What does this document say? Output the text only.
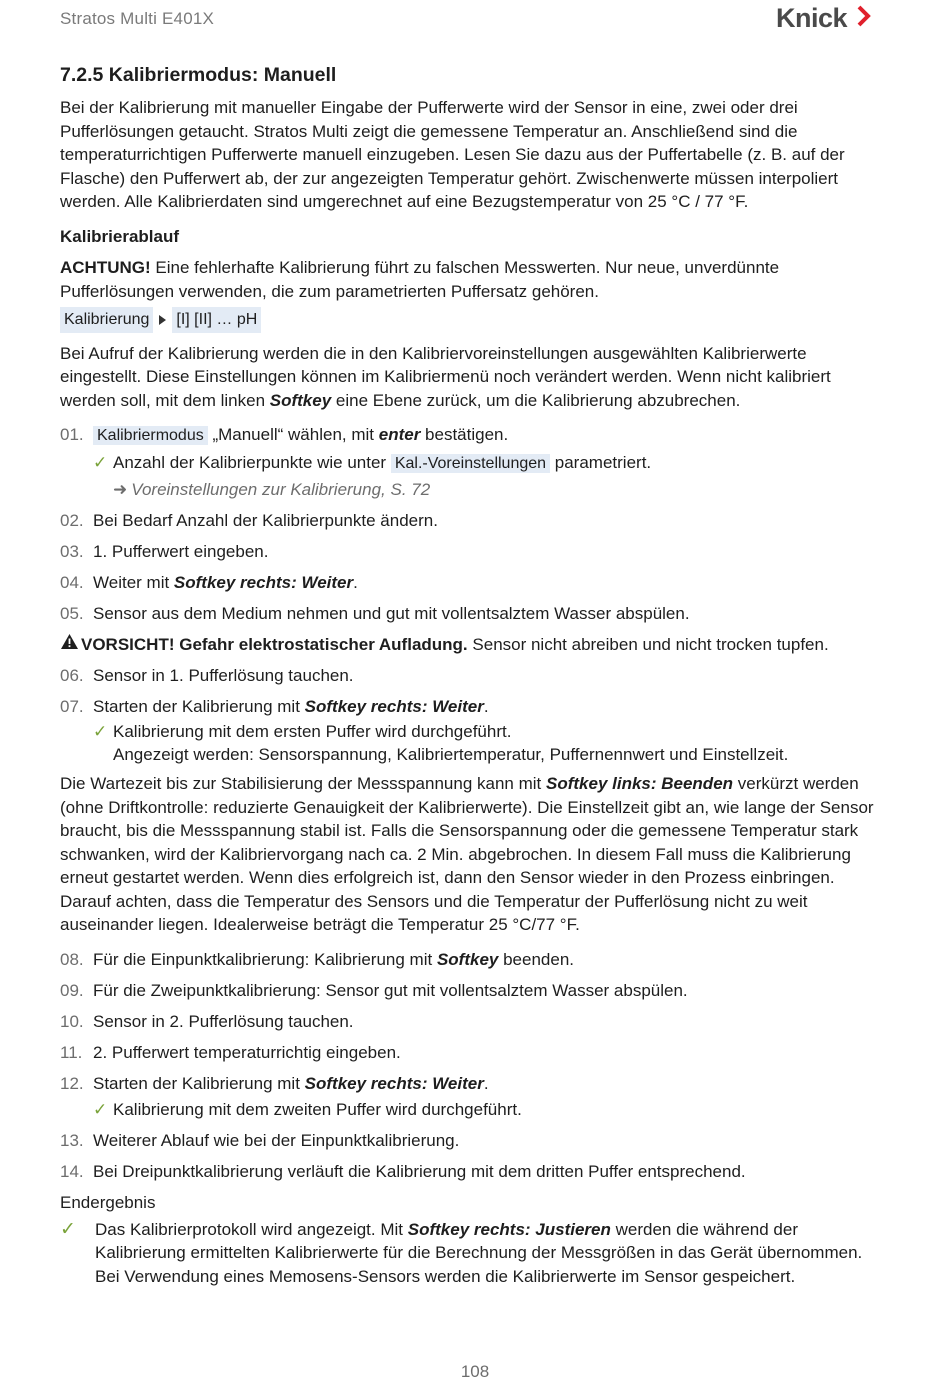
Stratos Multi E401X	Knick
7.2.5 Kalibriermodus: Manuell
Bei der Kalibrierung mit manueller Eingabe der Pufferwerte wird der Sensor in eine, zwei oder drei Pufferlösungen getaucht. Stratos Multi zeigt die gemessene Temperatur an. Anschließend sind die temperaturrichtigen Pufferwerte manuell einzugeben. Lesen Sie dazu aus der Puffertabelle (z. B. auf der Flasche) den Pufferwert ab, der zur angezeigten Temperatur gehört. Zwischenwerte müssen interpoliert werden. Alle Kalibrierdaten sind umgerechnet auf eine Bezugstemperatur von 25 °C / 77 °F.
Kalibrierablauf
ACHTUNG! Eine fehlerhafte Kalibrierung führt zu falschen Messwerten. Nur neue, unverdünnte Pufferlösungen verwenden, die zum parametrierten Puffersatz gehören.
Kalibrierung [I] [II] … pH
Bei Aufruf der Kalibrierung werden die in den Kalibriervoreinstellungen ausgewählten Kalibrierwerte eingestellt. Diese Einstellungen können im Kalibriermenü noch verändert werden. Wenn nicht kalibriert werden soll, mit dem linken Softkey eine Ebene zurück, um die Kalibrierung abzubrechen.
01. Kalibriermodus „Manuell“ wählen, mit enter bestätigen.
✓ Anzahl der Kalibrierpunkte wie unter Kal.-Voreinstellungen parametriert.
➜ Voreinstellungen zur Kalibrierung, S. 72
02. Bei Bedarf Anzahl der Kalibrierpunkte ändern.
03. 1. Pufferwert eingeben.
04. Weiter mit Softkey rechts: Weiter.
05. Sensor aus dem Medium nehmen und gut mit vollentsalztem Wasser abspülen.
VORSICHT! Gefahr elektrostatischer Aufladung. Sensor nicht abreiben und nicht trocken tupfen.
06. Sensor in 1. Pufferlösung tauchen.
07. Starten der Kalibrierung mit Softkey rechts: Weiter.
✓ Kalibrierung mit dem ersten Puffer wird durchgeführt.
Angezeigt werden: Sensorspannung, Kalibriertemperatur, Puffernennwert und Einstellzeit.
Die Wartezeit bis zur Stabilisierung der Messspannung kann mit Softkey links: Beenden verkürzt werden (ohne Driftkontrolle: reduzierte Genauigkeit der Kalibrierwerte). Die Einstellzeit gibt an, wie lange der Sensor braucht, bis die Messspannung stabil ist. Falls die Sensorspannung oder die gemessene Temperatur stark schwanken, wird der Kalibriervorgang nach ca. 2 Min. abgebrochen. In diesem Fall muss die Kalibrierung erneut gestartet werden. Wenn dies erfolgreich ist, dann den Sensor wieder in den Prozess einbringen. Darauf achten, dass die Temperatur des Sensors und die Temperatur der Pufferlösung nicht zu weit auseinander liegen. Idealerweise beträgt die Temperatur 25 °C/77 °F.
08. Für die Einpunktkalibrierung: Kalibrierung mit Softkey beenden.
09. Für die Zweipunktkalibrierung: Sensor gut mit vollentsalztem Wasser abspülen.
10. Sensor in 2. Pufferlösung tauchen.
11. 2. Pufferwert temperaturrichtig eingeben.
12. Starten der Kalibrierung mit Softkey rechts: Weiter.
✓ Kalibrierung mit dem zweiten Puffer wird durchgeführt.
13. Weiterer Ablauf wie bei der Einpunktkalibrierung.
14. Bei Dreipunktkalibrierung verläuft die Kalibrierung mit dem dritten Puffer entsprechend.
Endergebnis
✓	Das Kalibrierprotokoll wird angezeigt. Mit Softkey rechts: Justieren werden die während der Kalibrierung ermittelten Kalibrierwerte für die Berechnung der Messgrößen in das Gerät übernommen. Bei Verwendung eines Memosens-Sensors werden die Kalibrierwerte im Sensor gespeichert.
108
